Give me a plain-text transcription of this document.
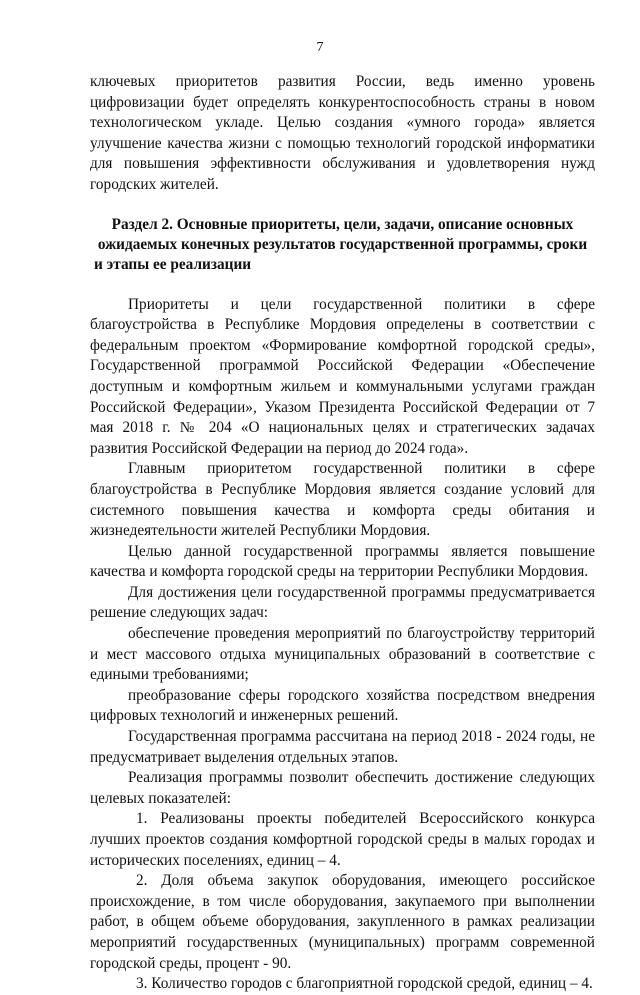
7

ключевых приоритетов развития России, ведь именно уровень цифровизации будет определять конкурентоспособность страны в новом технологическом укладе. Целью создания «умного города» является улучшение качества жизни с помощью технологий городской информатики для повышения эффективности обслуживания и удовлетворения нужд городских жителей.

Раздел 2. Основные приоритеты, цели, задачи, описание основных ожидаемых конечных результатов государственной программы, сроки и этапы ее реализации

Приоритеты и цели государственной политики в сфере благоустройства в Республике Мордовия определены в соответствии с федеральным проектом «Формирование комфортной городской среды», Государственной программой Российской Федерации «Обеспечение доступным и комфортным жильем и коммунальными услугами граждан Российской Федерации», Указом Президента Российской Федерации от 7 мая 2018 г. № 204 «О национальных целях и стратегических задачах развития Российской Федерации на период до 2024 года».

Главным приоритетом государственной политики в сфере благоустройства в Республике Мордовия является создание условий для системного повышения качества и комфорта среды обитания и жизнедеятельности жителей Республики Мордовия.

Целью данной государственной программы является повышение качества и комфорта городской среды на территории Республики Мордовия.

Для достижения цели государственной программы предусматривается решение следующих задач:

обеспечение проведения мероприятий по благоустройству территорий и мест массового отдыха муниципальных образований в соответствие с едиными требованиями;

преобразование сферы городского хозяйства посредством внедрения цифровых технологий и инженерных решений.

Государственная программа рассчитана на период 2018 - 2024 годы, не предусматривает выделения отдельных этапов.

Реализация программы позволит обеспечить достижение следующих целевых показателей:

1. Реализованы проекты победителей Всероссийского конкурса лучших проектов создания комфортной городской среды в малых городах и исторических поселениях, единиц – 4.

2. Доля объема закупок оборудования, имеющего российское происхождение, в том числе оборудования, закупаемого при выполнении работ, в общем объеме оборудования, закупленного в рамках реализации мероприятий государственных (муниципальных) программ современной городской среды, процент - 90.

3. Количество городов с благоприятной городской средой, единиц – 4.
